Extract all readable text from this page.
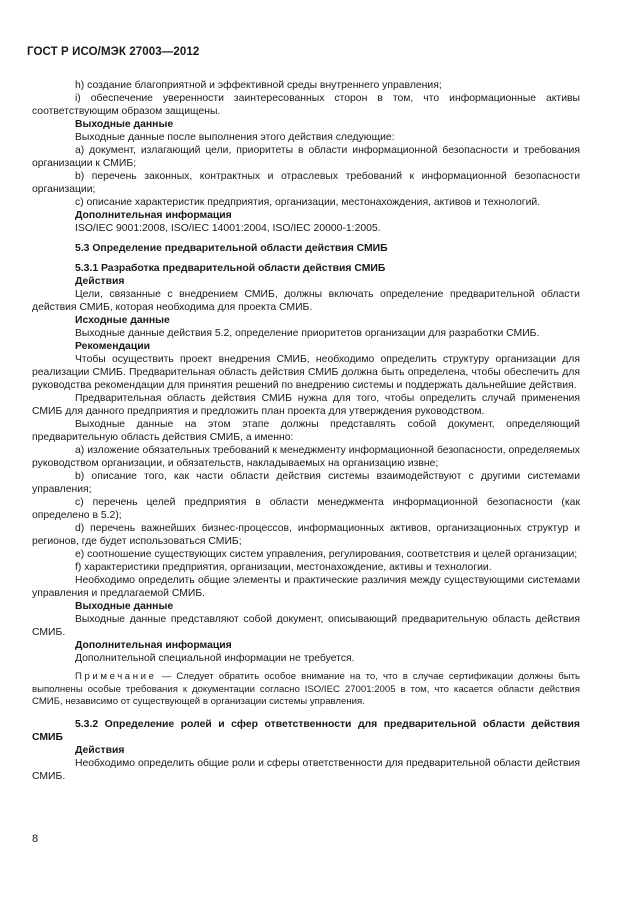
ГОСТ Р ИСО/МЭК 27003—2012

h) создание благоприятной и эффективной среды внутреннего управления;

i) обеспечение уверенности заинтересованных сторон в том, что информационные активы соответствующим образом защищены.

Выходные данные

Выходные данные после выполнения этого действия следующие:

a) документ, излагающий цели, приоритеты в области информационной безопасности и требования организации к СМИБ;

b) перечень законных, контрактных и отраслевых требований к информационной безопасности организации;

c) описание характеристик предприятия, организации, местонахождения, активов и технологий.

Дополнительная информация

ISO/IEC 9001:2008, ISO/IEC 14001:2004, ISO/IEC 20000-1:2005.

5.3 Определение предварительной области действия СМИБ

5.3.1 Разработка предварительной области действия СМИБ

Действия

Цели, связанные с внедрением СМИБ, должны включать определение предварительной области действия СМИБ, которая необходима для проекта СМИБ.

Исходные данные

Выходные данные действия 5.2, определение приоритетов организации для разработки СМИБ.

Рекомендации

Чтобы осуществить проект внедрения СМИБ, необходимо определить структуру организации для реализации СМИБ. Предварительная область действия СМИБ должна быть определена, чтобы обеспечить для руководства рекомендации для принятия решений по внедрению системы и поддержать дальнейшие действия.

Предварительная область действия СМИБ нужна для того, чтобы определить случай применения СМИБ для данного предприятия и предложить план проекта для утверждения руководством.

Выходные данные на этом этапе должны представлять собой документ, определяющий предварительную область действия СМИБ, а именно:

a) изложение обязательных требований к менеджменту информационной безопасности, определяемых руководством организации, и обязательств, накладываемых на организацию извне;

b) описание того, как части области действия системы взаимодействуют с другими системами управления;

c) перечень целей предприятия в области менеджмента информационной безопасности (как определено в 5.2);

d) перечень важнейших бизнес-процессов, информационных активов, организационных структур и регионов, где будет использоваться СМИБ;

e) соотношение существующих систем управления, регулирования, соответствия и целей организации;

f) характеристики предприятия, организации, местонахождение, активы и технологии.

Необходимо определить общие элементы и практические различия между существующими системами управления и предлагаемой СМИБ.

Выходные данные

Выходные данные представляют собой документ, описывающий предварительную область действия СМИБ.

Дополнительная информация

Дополнительной специальной информации не требуется.

Примечание — Следует обратить особое внимание на то, что в случае сертификации должны быть выполнены особые требования к документации согласно ISO/IEC 27001:2005 в том, что касается области действия СМИБ, независимо от существующей в организации системы управления.

5.3.2 Определение ролей и сфер ответственности для предварительной области действия СМИБ

Действия

Необходимо определить общие роли и сферы ответственности для предварительной области действия СМИБ.

8
